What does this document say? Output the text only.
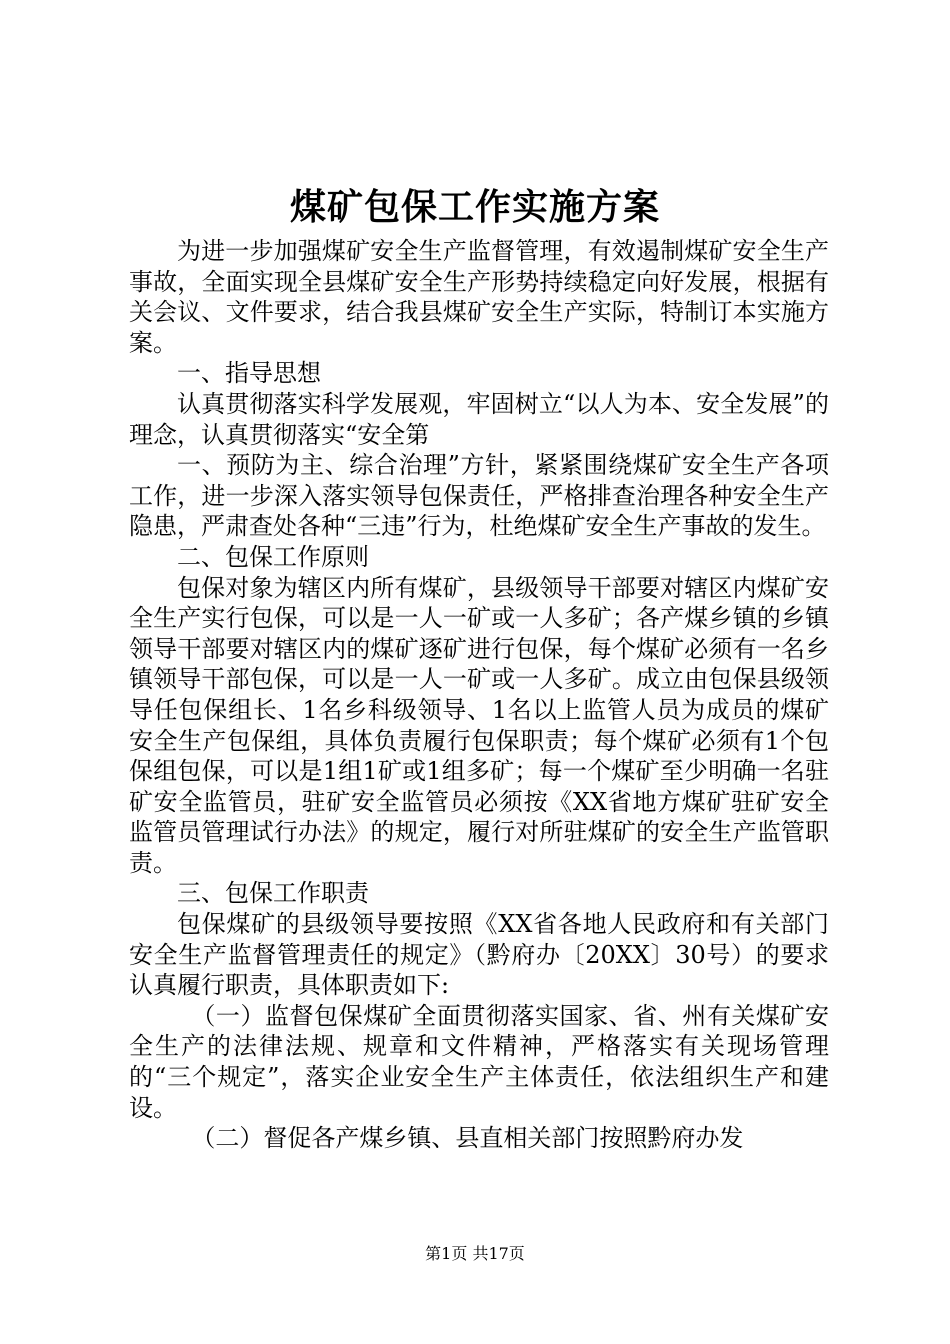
煤矿包保工作实施方案

为进一步加强煤矿安全生产监督管理，有效遏制煤矿安全生产事故，全面实现全县煤矿安全生产形势持续稳定向好发展，根据有关会议、文件要求，结合我县煤矿安全生产实际，特制订本实施方案。

一、指导思想

认真贯彻落实科学发展观，牢固树立“以人为本、安全发展”的理念，认真贯彻落实“安全第

一、预防为主、综合治理”方针，紧紧围绕煤矿安全生产各项工作，进一步深入落实领导包保责任，严格排查治理各种安全生产隐患，严肃查处各种“三违”行为，杜绝煤矿安全生产事故的发生。

二、包保工作原则

包保对象为辖区内所有煤矿，县级领导干部要对辖区内煤矿安全生产实行包保，可以是一人一矿或一人多矿；各产煤乡镇的乡镇领导干部要对辖区内的煤矿逐矿进行包保，每个煤矿必须有一名乡镇领导干部包保，可以是一人一矿或一人多矿。成立由包保县级领导任包保组长、1名乡科级领导、1名以上监管人员为成员的煤矿安全生产包保组，具体负责履行包保职责；每个煤矿必须有1个包保组包保，可以是1组1矿或1组多矿；每一个煤矿至少明确一名驻矿安全监管员，驻矿安全监管员必须按《XX省地方煤矿驻矿安全监管员管理试行办法》的规定，履行对所驻煤矿的安全生产监管职责。

三、包保工作职责

包保煤矿的县级领导要按照《XX省各地人民政府和有关部门安全生产监督管理责任的规定》（黔府办〔20XX〕30号）的要求认真履行职责，具体职责如下:

（一）监督包保煤矿全面贯彻落实国家、省、州有关煤矿安全生产的法律法规、规章和文件精神，严格落实有关现场管理的“三个规定”，落实企业安全生产主体责任，依法组织生产和建设。

（二）督促各产煤乡镇、县直相关部门按照黔府办发

第1页 共17页
